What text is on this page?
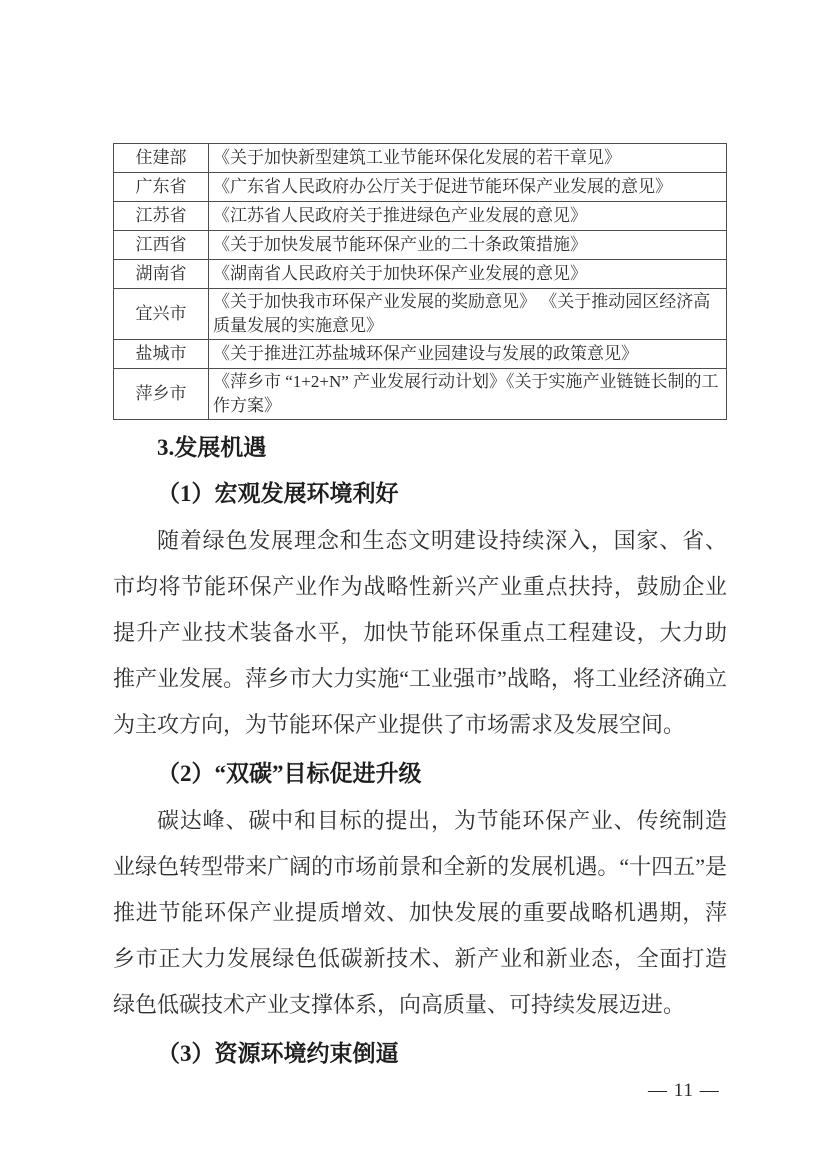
住建部	《关于加快新型建筑工业节能环保化发展的若干章见》
广东省	《广东省人民政府办公厅关于促进节能环保产业发展的意见》
江苏省	《江苏省人民政府关于推进绿色产业发展的意见》
江西省	《关于加快发展节能环保产业的二十条政策措施》
湖南省	《湖南省人民政府关于加快环保产业发展的意见》
宜兴市	《关于加快我市环保产业发展的奖励意见》 《关于推动园区经济高质量发展的实施意见》
盐城市	《关于推进江苏盐城环保产业园建设与发展的政策意见》
萍乡市	《萍乡市 “1+2+N” 产业发展行动计划》《关于实施产业链链长制的工作方案》
3.发展机遇
（1）宏观发展环境利好

随着绿色发展理念和生态文明建设持续深入，国家、省、市均将节能环保产业作为战略性新兴产业重点扶持，鼓励企业提升产业技术装备水平，加快节能环保重点工程建设，大力助推产业发展。萍乡市大力实施“工业强市”战略，将工业经济确立为主攻方向，为节能环保产业提供了市场需求及发展空间。

（2）“双碳”目标促进升级

碳达峰、碳中和目标的提出，为节能环保产业、传统制造业绿色转型带来广阔的市场前景和全新的发展机遇。“十四五”是推进节能环保产业提质增效、加快发展的重要战略机遇期，萍乡市正大力发展绿色低碳新技术、新产业和新业态，全面打造绿色低碳技术产业支撑体系，向高质量、可持续发展迈进。

（3）资源环境约束倒逼
— 11 —
